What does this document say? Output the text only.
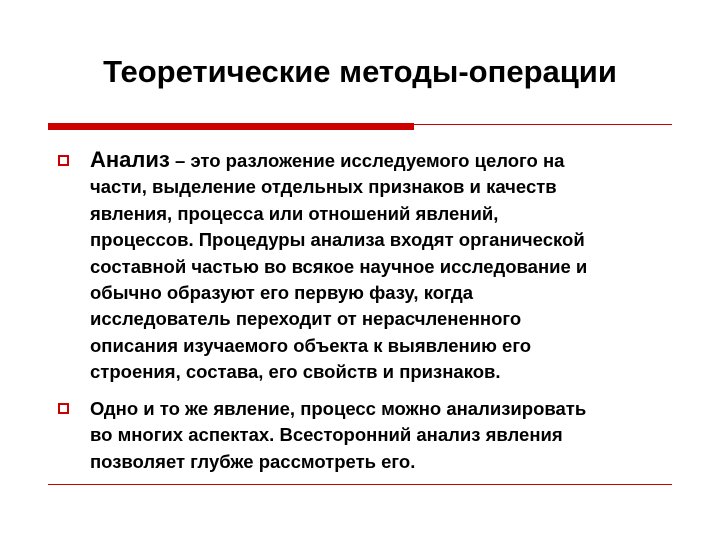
Теоретические методы-операции
Анализ – это разложение исследуемого целого на
части, выделение отдельных признаков и качеств
явления, процесса или отношений явлений,
процессов. Процедуры анализа входят органической
составной частью во всякое научное исследование и
обычно образуют его первую фазу, когда
исследователь переходит от нерасчлененного
описания изучаемого объекта к выявлению его
строения, состава, его свойств и признаков.
Одно и то же явление, процесс можно анализировать
во многих аспектах. Всесторонний анализ явления
позволяет глубже рассмотреть его.
